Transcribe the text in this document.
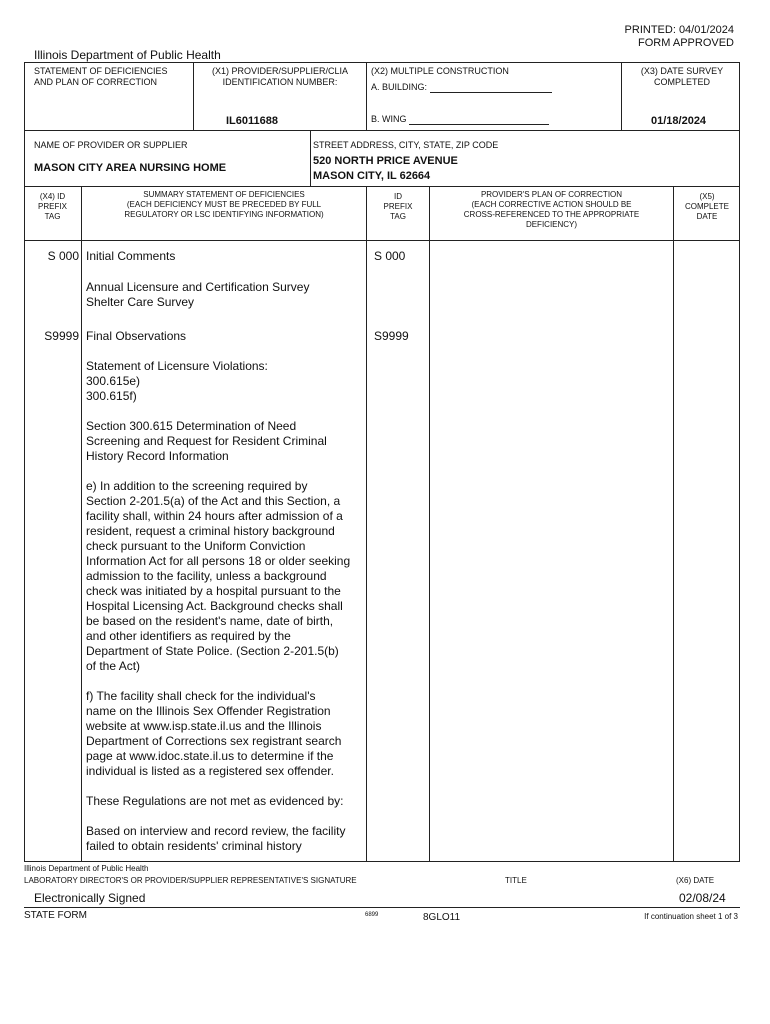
PRINTED: 04/01/2024
FORM APPROVED
Illinois Department of Public Health
STATEMENT OF DEFICIENCIES
AND PLAN OF CORRECTION
(X1) PROVIDER/SUPPLIER/CLIA
IDENTIFICATION NUMBER:
IL6011688
(X2) MULTIPLE CONSTRUCTION
A. BUILDING:
B. WING
(X3) DATE SURVEY
COMPLETED
01/18/2024
NAME OF PROVIDER OR SUPPLIER
MASON CITY AREA NURSING HOME
STREET ADDRESS, CITY, STATE, ZIP CODE
520 NORTH PRICE AVENUE
MASON CITY, IL 62664
(X4) ID
PREFIX
TAG
SUMMARY STATEMENT OF DEFICIENCIES
(EACH DEFICIENCY MUST BE PRECEDED BY FULL
REGULATORY OR LSC IDENTIFYING INFORMATION)
ID
PREFIX
TAG
PROVIDER'S PLAN OF CORRECTION
(EACH CORRECTIVE ACTION SHOULD BE
CROSS-REFERENCED TO THE APPROPRIATE
DEFICIENCY)
(X5)
COMPLETE
DATE
S 000 Initial Comments	S 000
Annual Licensure and Certification Survey
Shelter Care Survey
S9999 Final Observations	S9999
Statement of Licensure Violations:
300.615e)
300.615f)
Section 300.615 Determination of Need
Screening and Request for Resident Criminal
History Record Information
e) In addition to the screening required by
Section 2-201.5(a) of the Act and this Section, a
facility shall, within 24 hours after admission of a
resident, request a criminal history background
check pursuant to the Uniform Conviction
Information Act for all persons 18 or older seeking
admission to the facility, unless a background
check was initiated by a hospital pursuant to the
Hospital Licensing Act. Background checks shall
be based on the resident's name, date of birth,
and other identifiers as required by the
Department of State Police. (Section 2-201.5(b)
of the Act)
f) The facility shall check for the individual's
name on the Illinois Sex Offender Registration
website at www.isp.state.il.us and the Illinois
Department of Corrections sex registrant search
page at www.idoc.state.il.us to determine if the
individual is listed as a registered sex offender.
These Regulations are not met as evidenced by:
Based on interview and record review, the facility
failed to obtain residents' criminal history
Illinois Department of Public Health
LABORATORY DIRECTOR'S OR PROVIDER/SUPPLIER REPRESENTATIVE'S SIGNATURE	TITLE	(X6) DATE
Electronically Signed	02/08/24
STATE FORM	6899	8GLO11	If continuation sheet 1 of 3
